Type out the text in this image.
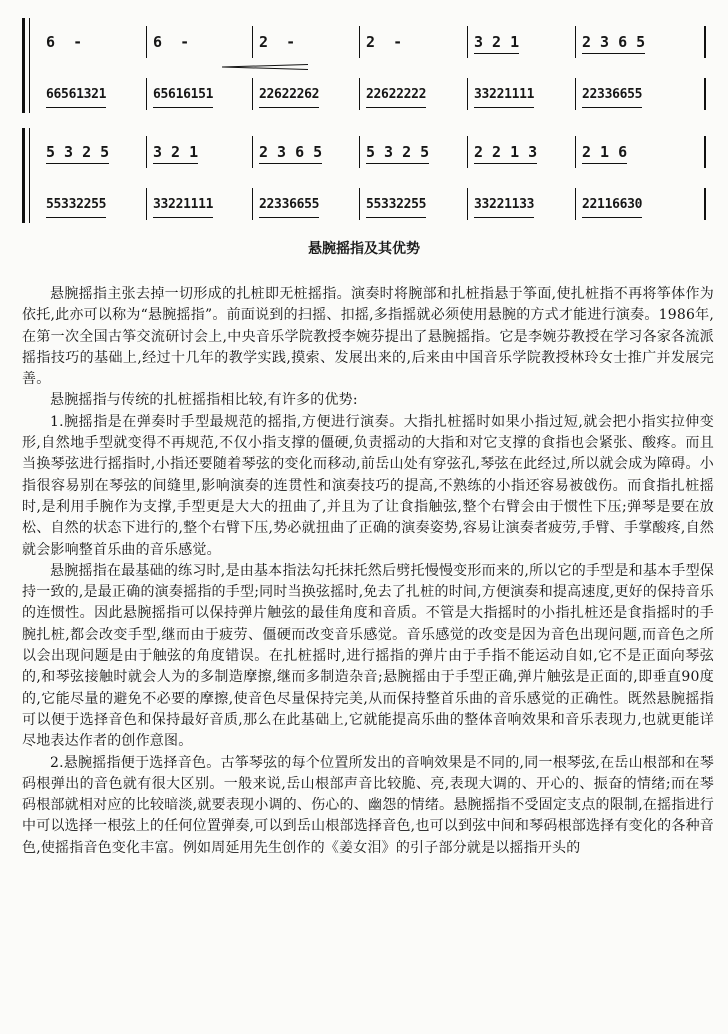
6  -	6  -	2  -	2  -	3 2 1	2 3 6 5
66561321	65616151	22622262	22622222	33221111	22336655
5 3 2 5	3 2 1	2 3 6 5	5 3 2 5	2 2 1 3	2 1 6
55332255	33221111	22336655	55332255	33221133	22116630
悬腕摇指及其优势

悬腕摇指主张去掉一切形成的扎桩即无桩摇指。演奏时将腕部和扎桩指悬于筝面,使扎桩指不再将筝体作为依托,此亦可以称为“悬腕摇指”。前面说到的扫摇、扣摇,多指摇就必须使用悬腕的方式才能进行演奏。1986年,在第一次全国古筝交流研讨会上,中央音乐学院教授李婉芬提出了悬腕摇指。它是李婉芬教授在学习各家各流派摇指技巧的基础上,经过十几年的教学实践,摸索、发展出来的,后来由中国音乐学院教授林玲女士推广并发展完善。

悬腕摇指与传统的扎桩摇指相比较,有许多的优势:

1.腕摇指是在弹奏时手型最规范的摇指,方便进行演奏。大指扎桩摇时如果小指过短,就会把小指实拉伸变形,自然地手型就变得不再规范,不仅小指支撑的僵硬,负责摇动的大指和对它支撑的食指也会紧张、酸疼。而且当换琴弦进行摇指时,小指还要随着琴弦的变化而移动,前岳山处有穿弦孔,琴弦在此经过,所以就会成为障碍。小指很容易别在琴弦的间缝里,影响演奏的连贯性和演奏技巧的提高,不熟练的小指还容易被戗伤。而食指扎桩摇时,是利用手腕作为支撑,手型更是大大的扭曲了,并且为了让食指触弦,整个右臂会由于惯性下压;弹琴是要在放松、自然的状态下进行的,整个右臂下压,势必就扭曲了正确的演奏姿势,容易让演奏者疲劳,手臂、手掌酸疼,自然就会影响整首乐曲的音乐感觉。

悬腕摇指在最基础的练习时,是由基本指法勾托抹托然后劈托慢慢变形而来的,所以它的手型是和基本手型保持一致的,是最正确的演奏摇指的手型;同时当换弦摇时,免去了扎桩的时间,方便演奏和提高速度,更好的保持音乐的连惯性。因此悬腕摇指可以保持弹片触弦的最佳角度和音质。不管是大指摇时的小指扎桩还是食指摇时的手腕扎桩,都会改变手型,继而由于疲劳、僵硬而改变音乐感觉。音乐感觉的改变是因为音色出现问题,而音色之所以会出现问题是由于触弦的角度错误。在扎桩摇时,进行摇指的弹片由于手指不能运动自如,它不是正面向琴弦的,和琴弦接触时就会人为的多制造摩擦,继而多制造杂音;悬腕摇由于手型正确,弹片触弦是正面的,即垂直90度的,它能尽量的避免不必要的摩擦,使音色尽量保持完美,从而保持整首乐曲的音乐感觉的正确性。既然悬腕摇指可以便于选择音色和保持最好音质,那么在此基础上,它就能提高乐曲的整体音响效果和音乐表现力,也就更能详尽地表达作者的创作意图。

2.悬腕摇指便于选择音色。古筝琴弦的每个位置所发出的音响效果是不同的,同一根琴弦,在岳山根部和在琴码根弹出的音色就有很大区别。一般来说,岳山根部声音比较脆、亮,表现大调的、开心的、振奋的情绪;而在琴码根部就相对应的比较暗淡,就要表现小调的、伤心的、幽怨的情绪。悬腕摇指不受固定支点的限制,在摇指进行中可以选择一根弦上的任何位置弹奏,可以到岳山根部选择音色,也可以到弦中间和琴码根部选择有变化的各种音色,使摇指音色变化丰富。例如周延用先生创作的《姜女泪》的引子部分就是以摇指开头的
